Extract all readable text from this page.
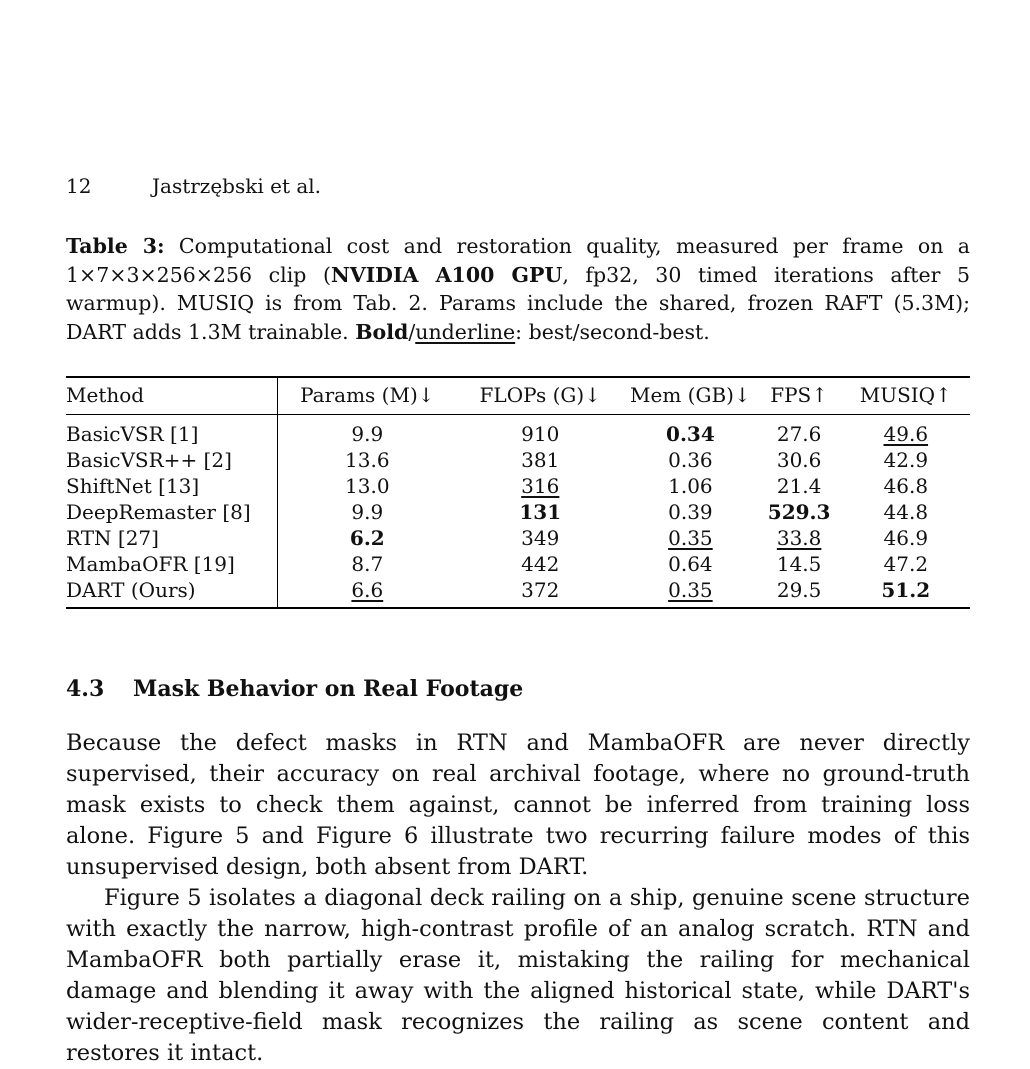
12	Jastrzębski et al.
Table 3: Computational cost and restoration quality, measured per frame on a 1×7×3×256×256 clip (NVIDIA A100 GPU, fp32, 30 timed iterations after 5 warmup). MUSIQ is from Tab. 2. Params include the shared, frozen RAFT (5.3M); DART adds 1.3M trainable. Bold/underline: best/second-best.
Method	Params (M)↓	FLOPs (G)↓	Mem (GB)↓	FPS↑	MUSIQ↑
BasicVSR [1]	9.9	910	0.34	27.6	49.6
BasicVSR++ [2]	13.6	381	0.36	30.6	42.9
ShiftNet [13]	13.0	316	1.06	21.4	46.8
DeepRemaster [8]	9.9	131	0.39	529.3	44.8
RTN [27]	6.2	349	0.35	33.8	46.9
MambaOFR [19]	8.7	442	0.64	14.5	47.2
DART (Ours)	6.6	372	0.35	29.5	51.2
4.3	Mask Behavior on Real Footage

Because the defect masks in RTN and MambaOFR are never directly supervised, their accuracy on real archival footage, where no ground-truth mask exists to check them against, cannot be inferred from training loss alone. Figure 5 and Figure 6 illustrate two recurring failure modes of this unsupervised design, both absent from DART.

Figure 5 isolates a diagonal deck railing on a ship, genuine scene structure with exactly the narrow, high-contrast profile of an analog scratch. RTN and MambaOFR both partially erase it, mistaking the railing for mechanical damage and blending it away with the aligned historical state, while DART's wider-receptive-field mask recognizes the railing as scene content and restores it intact.
